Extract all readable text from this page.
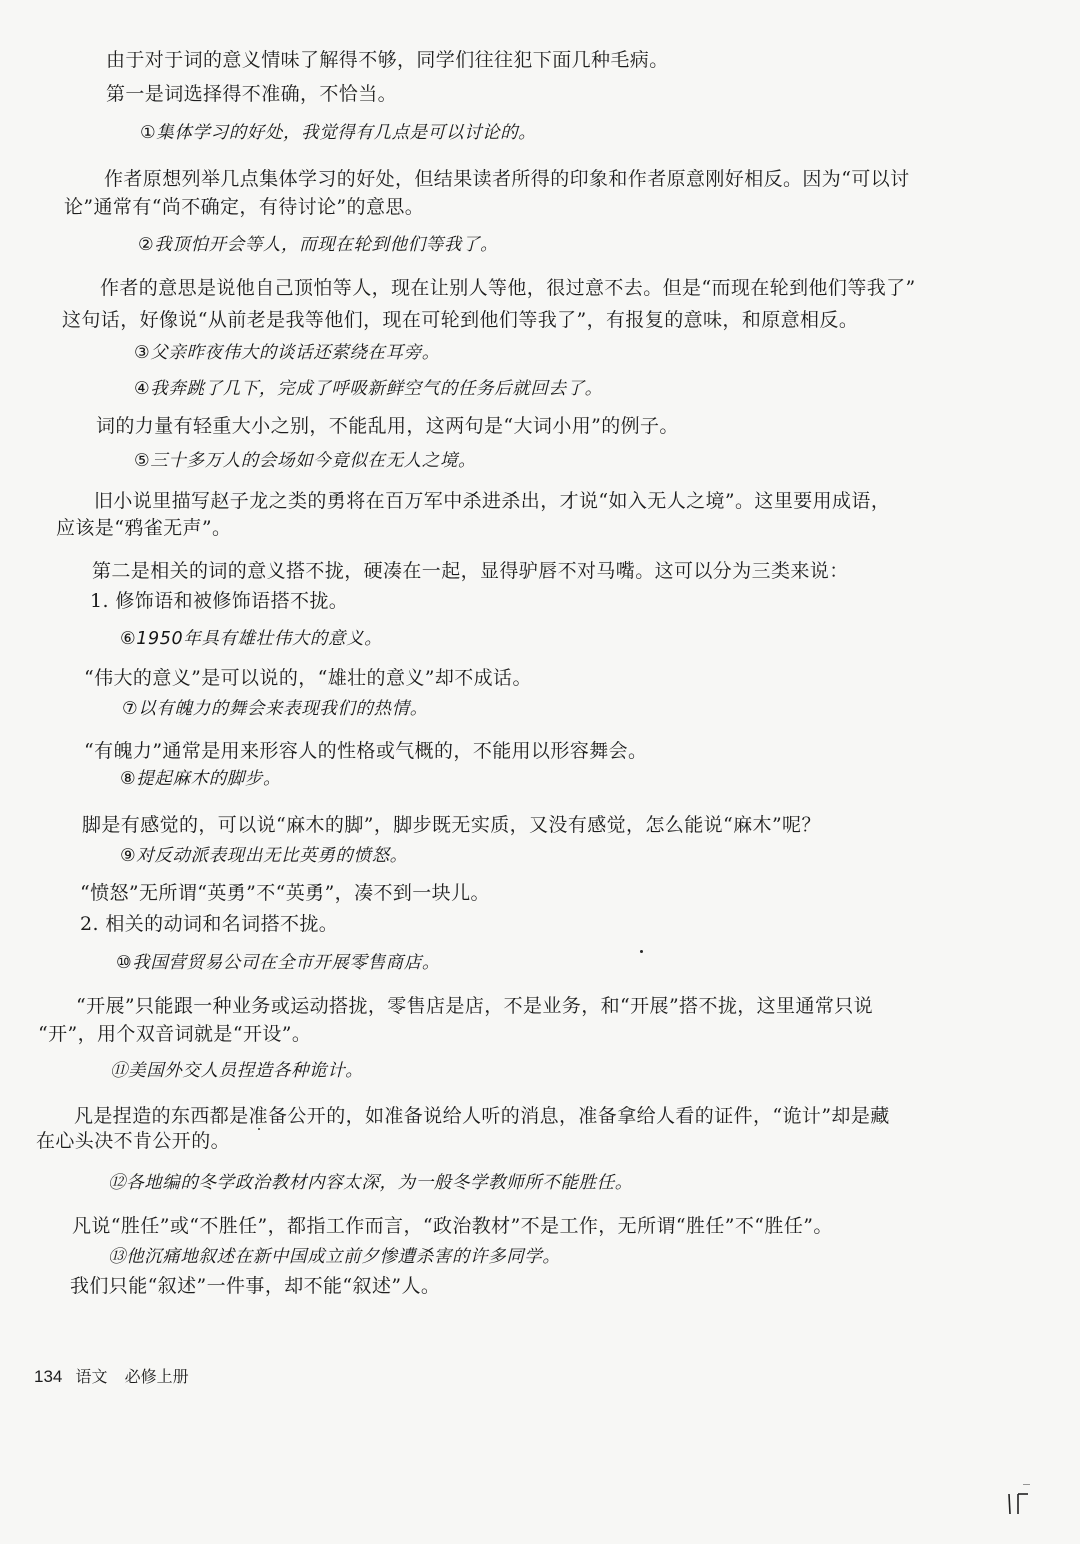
由于对于词的意义情味了解得不够，同学们往往犯下面几种毛病。
第一是词选择得不准确，不恰当。
①集体学习的好处，我觉得有几点是可以讨论的。
作者原想列举几点集体学习的好处，但结果读者所得的印象和作者原意刚好相反。因为“可以讨
论”通常有“尚不确定，有待讨论”的意思。
②我顶怕开会等人，而现在轮到他们等我了。
作者的意思是说他自己顶怕等人，现在让别人等他，很过意不去。但是“而现在轮到他们等我了”
这句话，好像说“从前老是我等他们，现在可轮到他们等我了”，有报复的意味，和原意相反。
③父亲昨夜伟大的谈话还萦绕在耳旁。
④我奔跳了几下，完成了呼吸新鲜空气的任务后就回去了。
词的力量有轻重大小之别，不能乱用，这两句是“大词小用”的例子。
⑤三十多万人的会场如今竟似在无人之境。
旧小说里描写赵子龙之类的勇将在百万军中杀进杀出，才说“如入无人之境”。这里要用成语，
应该是“鸦雀无声”。
第二是相关的词的意义搭不拢，硬凑在一起，显得驴唇不对马嘴。这可以分为三类来说：
1. 修饰语和被修饰语搭不拢。
⑥1950年具有雄壮伟大的意义。
“伟大的意义”是可以说的，“雄壮的意义”却不成话。
⑦以有魄力的舞会来表现我们的热情。
“有魄力”通常是用来形容人的性格或气概的，不能用以形容舞会。
⑧提起麻木的脚步。
脚是有感觉的，可以说“麻木的脚”，脚步既无实质，又没有感觉，怎么能说“麻木”呢？
⑨对反动派表现出无比英勇的愤怒。
“愤怒”无所谓“英勇”不“英勇”，凑不到一块儿。
2. 相关的动词和名词搭不拢。
⑩我国营贸易公司在全市开展零售商店。
“开展”只能跟一种业务或运动搭拢，零售店是店，不是业务，和“开展”搭不拢，这里通常只说
“开”，用个双音词就是“开设”。
⑪美国外交人员捏造各种诡计。
凡是捏造的东西都是准备公开的，如准备说给人听的消息，准备拿给人看的证件，“诡计”却是藏
在心头决不肯公开的。
⑫各地编的冬学政治教材内容太深，为一般冬学教师所不能胜任。
凡说“胜任”或“不胜任”，都指工作而言，“政治教材”不是工作，无所谓“胜任”不“胜任”。
⑬他沉痛地叙述在新中国成立前夕惨遭杀害的许多同学。
我们只能“叙述”一件事，却不能“叙述”人。
134 语文 必修上册
